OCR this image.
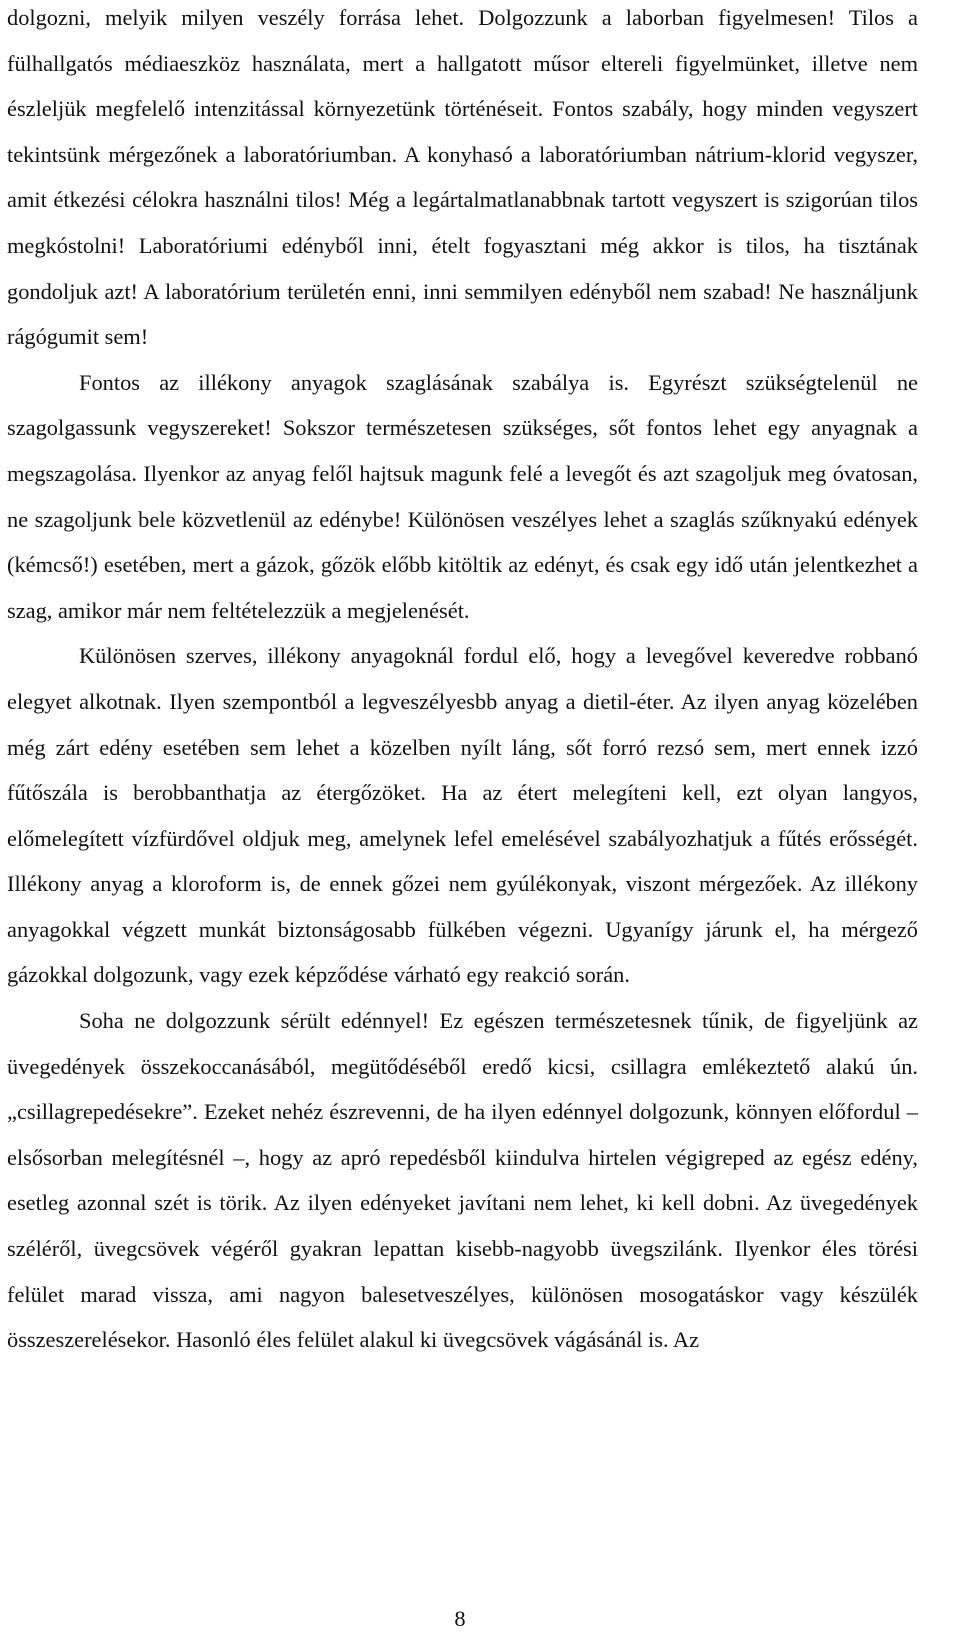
dolgozni, melyik milyen veszély forrása lehet. Dolgozzunk a laborban figyelmesen! Tilos a fülhallgatós médiaeszköz használata, mert a hallgatott műsor eltereli figyelmünket, illetve nem észleljük megfelelő intenzitással környezetünk történéseit. Fontos szabály, hogy minden vegyszert tekintsünk mérgezőnek a laboratóriumban. A konyhasó a laboratóriumban nátrium-klorid vegyszer, amit étkezési célokra használni tilos! Még a legártalmatlanabbnak tartott vegyszert is szigorúan tilos megkóstolni! Laboratóriumi edényből inni, ételt fogyasztani még akkor is tilos, ha tisztának gondoljuk azt! A laboratórium területén enni, inni semmilyen edényből nem szabad! Ne használjunk rágógumit sem!

Fontos az illékony anyagok szaglásának szabálya is. Egyrészt szükségtelenül ne szagolgassunk vegyszereket! Sokszor természetesen szükséges, sőt fontos lehet egy anyagnak a megszagolása. Ilyenkor az anyag felől hajtsuk magunk felé a levegőt és azt szagoljuk meg óvatosan, ne szagoljunk bele közvetlenül az edénybe! Különösen veszélyes lehet a szaglás szűknyakú edények (kémcső!) esetében, mert a gázok, gőzök előbb kitöltik az edényt, és csak egy idő után jelentkezhet a szag, amikor már nem feltételezzük a megjelenését.

Különösen szerves, illékony anyagoknál fordul elő, hogy a levegővel keveredve robbanó elegyet alkotnak. Ilyen szempontból a legveszélyesbb anyag a dietil-éter. Az ilyen anyag közelében még zárt edény esetében sem lehet a közelben nyílt láng, sőt forró rezsó sem, mert ennek izzó fűtőszála is berobbanthatja az étergőzöket. Ha az étert melegíteni kell, ezt olyan langyos, előmelegített vízfürdővel oldjuk meg, amelynek lefel emelésével szabályozhatjuk a fűtés erősségét. Illékony anyag a kloroform is, de ennek gőzei nem gyúlékonyak, viszont mérgezőek. Az illékony anyagokkal végzett munkát biztonságosabb fülkében végezni. Ugyanígy járunk el, ha mérgező gázokkal dolgozunk, vagy ezek képződése várható egy reakció során.

Soha ne dolgozzunk sérült edénnyel! Ez egészen természetesnek tűnik, de figyeljünk az üvegedények összekoccanásából, megütődéséből eredő kicsi, csillagra emlékeztető alakú ún. „csillagrepedésekre”. Ezeket nehéz észrevenni, de ha ilyen edénnyel dolgozunk, könnyen előfordul – elsősorban melegítésnél –, hogy az apró repedésből kiindulva hirtelen végigreped az egész edény, esetleg azonnal szét is törik. Az ilyen edényeket javítani nem lehet, ki kell dobni. Az üvegedények széléről, üvegcsövek végéről gyakran lepattan kisebb-nagyobb üvegszilánk. Ilyenkor éles törési felület marad vissza, ami nagyon balesetveszélyes, különösen mosogatáskor vagy készülék összeszerelésekor. Hasonló éles felület alakul ki üvegcsövek vágásánál is. Az

8
